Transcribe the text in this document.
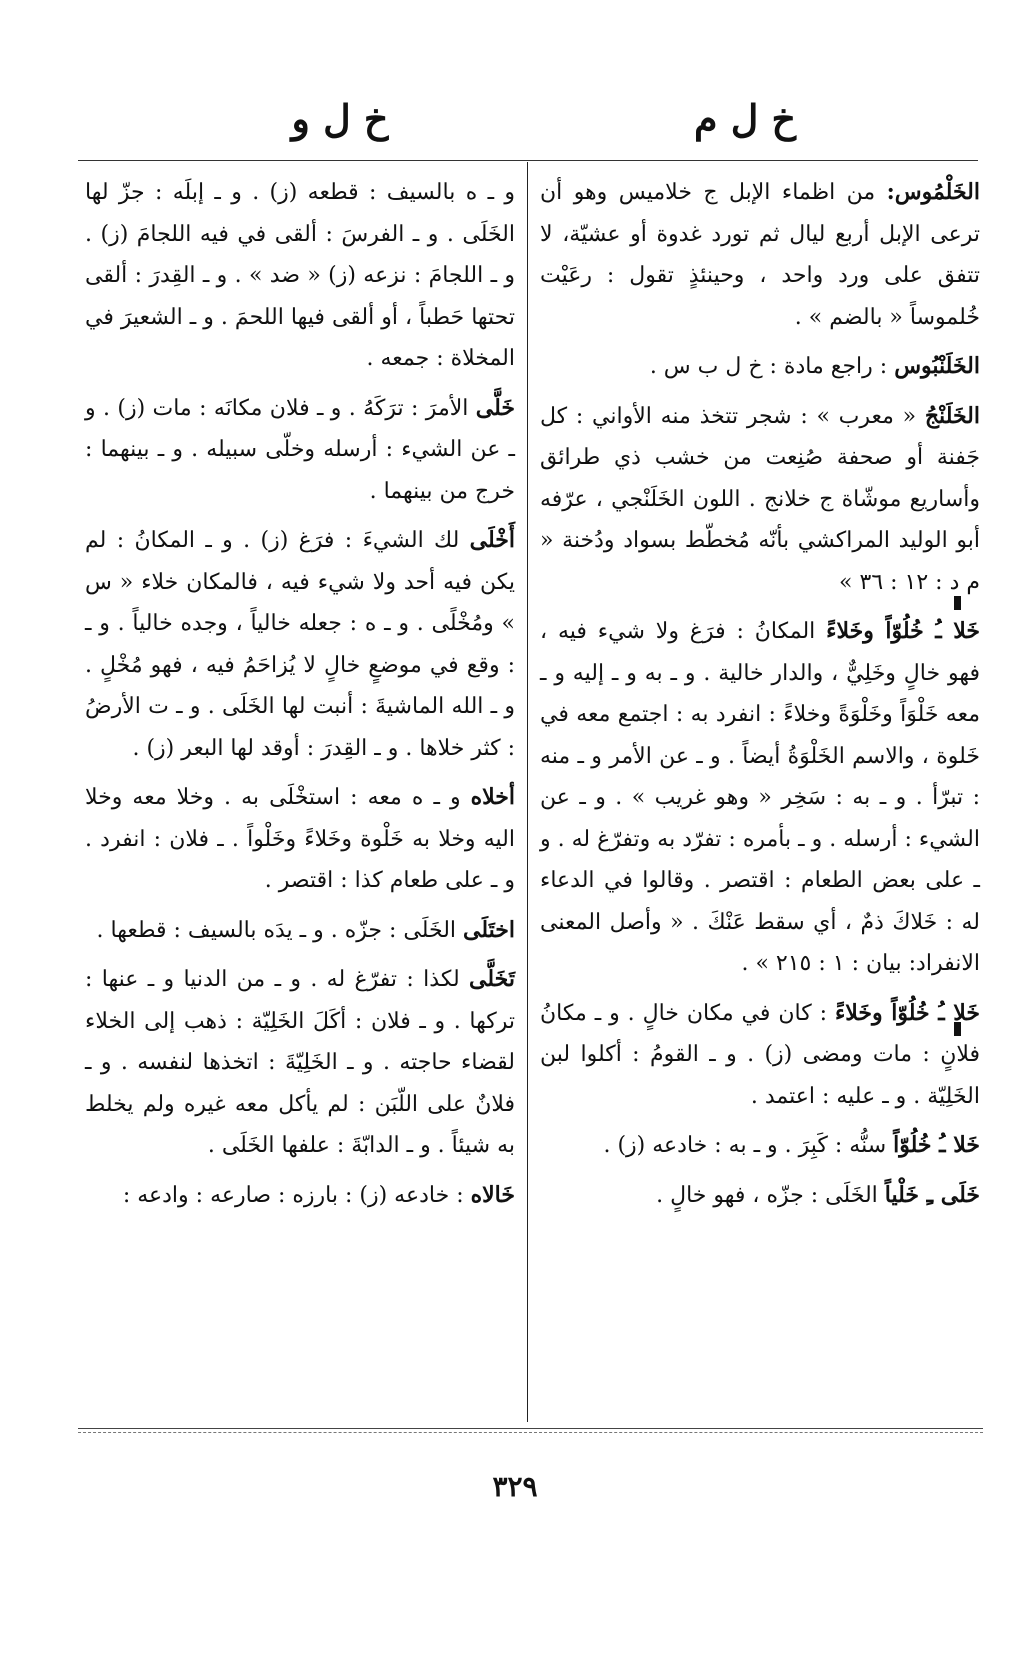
خ ل م
خ ل و

الخَلْمُوس: من اظماء الإبل ج خلاميس وهو أن ترعى الإبل أربع ليال ثم تورد غدوة أو عشيّة، لا تتفق على ورد واحد ، وحينئذٍ تقول : رعَيْت خُلموساً « بالضم » .

الخَلَنْبُوس : راجع مادة : خ ل ب س .

الخَلَنْجُ « معرب » : شجر تتخذ منه الأواني : كل جَفنة أو صحفة صُنِعت من خشب ذي طرائق وأساريع موشّاة ج خلانج . اللون الخَلَنْجي ، عرّفه أبو الوليد المراكشي بأنّه مُخطّط بسواد ودُخنة « م د : ١٢ : ٣٦ »

خَلا ـُ خُلُوّاً وخَلاءً المكانُ : فرَغ ولا شيء فيه ، فهو خالٍ وخَلِيٌّ ، والدار خالية . و ـ به و ـ إليه و ـ معه خَلْوَاً وخَلْوَةً وخلاءً : انفرد به : اجتمع معه في خَلوة ، والاسم الخَلْوَةُ أيضاً . و ـ عن الأمر و ـ منه : تبرّأ . و ـ به : سَخِر « وهو غريب » . و ـ عن الشيء : أرسله . و ـ بأمره : تفرّد به وتفرّغ له . و ـ على بعض الطعام : اقتصر . وقالوا في الدعاء له : خَلاكَ ذمٌ ، أي سقط عَنْكَ . « وأصل المعنى الانفراد: بيان : ١ : ٢١٥ » .

خَلا ـُ خُلُوّاً وخَلاءً : كان في مكان خالٍ . و ـ مكانُ فلانٍ : مات ومضى (ز) . و ـ القومُ : أكلوا لبن الخَلِيّة . و ـ عليه : اعتمد .

خَلا ـُ خُلُوّاً سنُّه : كَبِرَ . و ـ به : خادعه (ز) .

خَلَى ـِ خَلْياً الخَلَى : جزّه ، فهو خالٍ .

و ـ ه بالسيف : قطعه (ز) . و ـ إبلَه : جزّ لها الخَلَى . و ـ الفرسَ : ألقى في فيه اللجامَ (ز) . و ـ اللجامَ : نزعه (ز) « ضد » . و ـ القِدرَ : ألقى تحتها حَطباً ، أو ألقى فيها اللحمَ . و ـ الشعيرَ في المخلاة : جمعه .

خَلَّى الأمرَ : ترَكَهُ . و ـ فلان مكانَه : مات (ز) . و ـ عن الشيء : أرسله وخلّى سبيله . و ـ بينهما : خرج من بينهما .

أَخْلَى لك الشيءَ : فرَغ (ز) . و ـ المكانُ : لم يكن فيه أحد ولا شيء فيه ، فالمكان خلاء « س » ومُخْلًى . و ـ ه : جعله خالياً ، وجده خالياً . و ـ : وقع في موضعٍ خالٍ لا يُزاحَمُ فيه ، فهو مُخْلٍ . و ـ الله الماشيةَ : أنبت لها الخَلَى . و ـ ت الأرضُ : كثر خلاها . و ـ القِدرَ : أوقد لها البعر (ز) .

أخلاه و ـ ه معه : استخْلَى به . وخلا معه وخلا اليه وخلا به خَلْوة وخَلاءً وخَلْواً . ـ فلان : انفرد . و ـ على طعام كذا : اقتصر .

اختَلَى الخَلَى : جزّه . و ـ يدَه بالسيف : قطعها .

تَخَلَّى لكذا : تفرّغ له . و ـ من الدنيا و ـ عنها : تركها . و ـ فلان : أكَلَ الخَلِيّة : ذهب إلى الخلاء لقضاء حاجته . و ـ الخَلِيّةَ : اتخذها لنفسه . و ـ فلانٌ على اللّبَن : لم يأكل معه غيره ولم يخلط به شيئاً . و ـ الدابّةَ : علفها الخَلَى .

خَالاه : خادعه (ز) : بارزه : صارعه : وادعه :

٣٢٩
